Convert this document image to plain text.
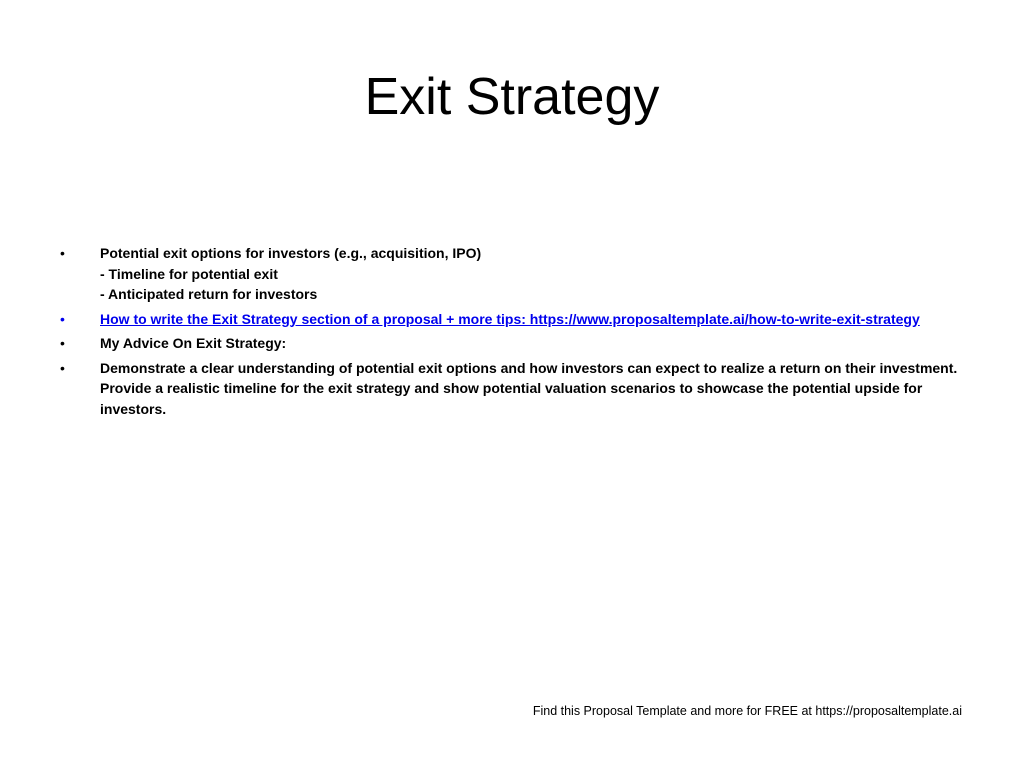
Exit Strategy
•	Potential exit options for investors (e.g., acquisition, IPO)
- Timeline for potential exit
- Anticipated return for investors
•	How to write the Exit Strategy section of a proposal + more tips: https://www.proposaltemplate.ai/how-to-write-exit-strategy
•	My Advice On Exit Strategy:
•	Demonstrate a clear understanding of potential exit options and how investors can expect to realize a return on their investment. Provide a realistic timeline for the exit strategy and show potential valuation scenarios to showcase the potential upside for investors.
Find this Proposal Template and more for FREE at https://proposaltemplate.ai
